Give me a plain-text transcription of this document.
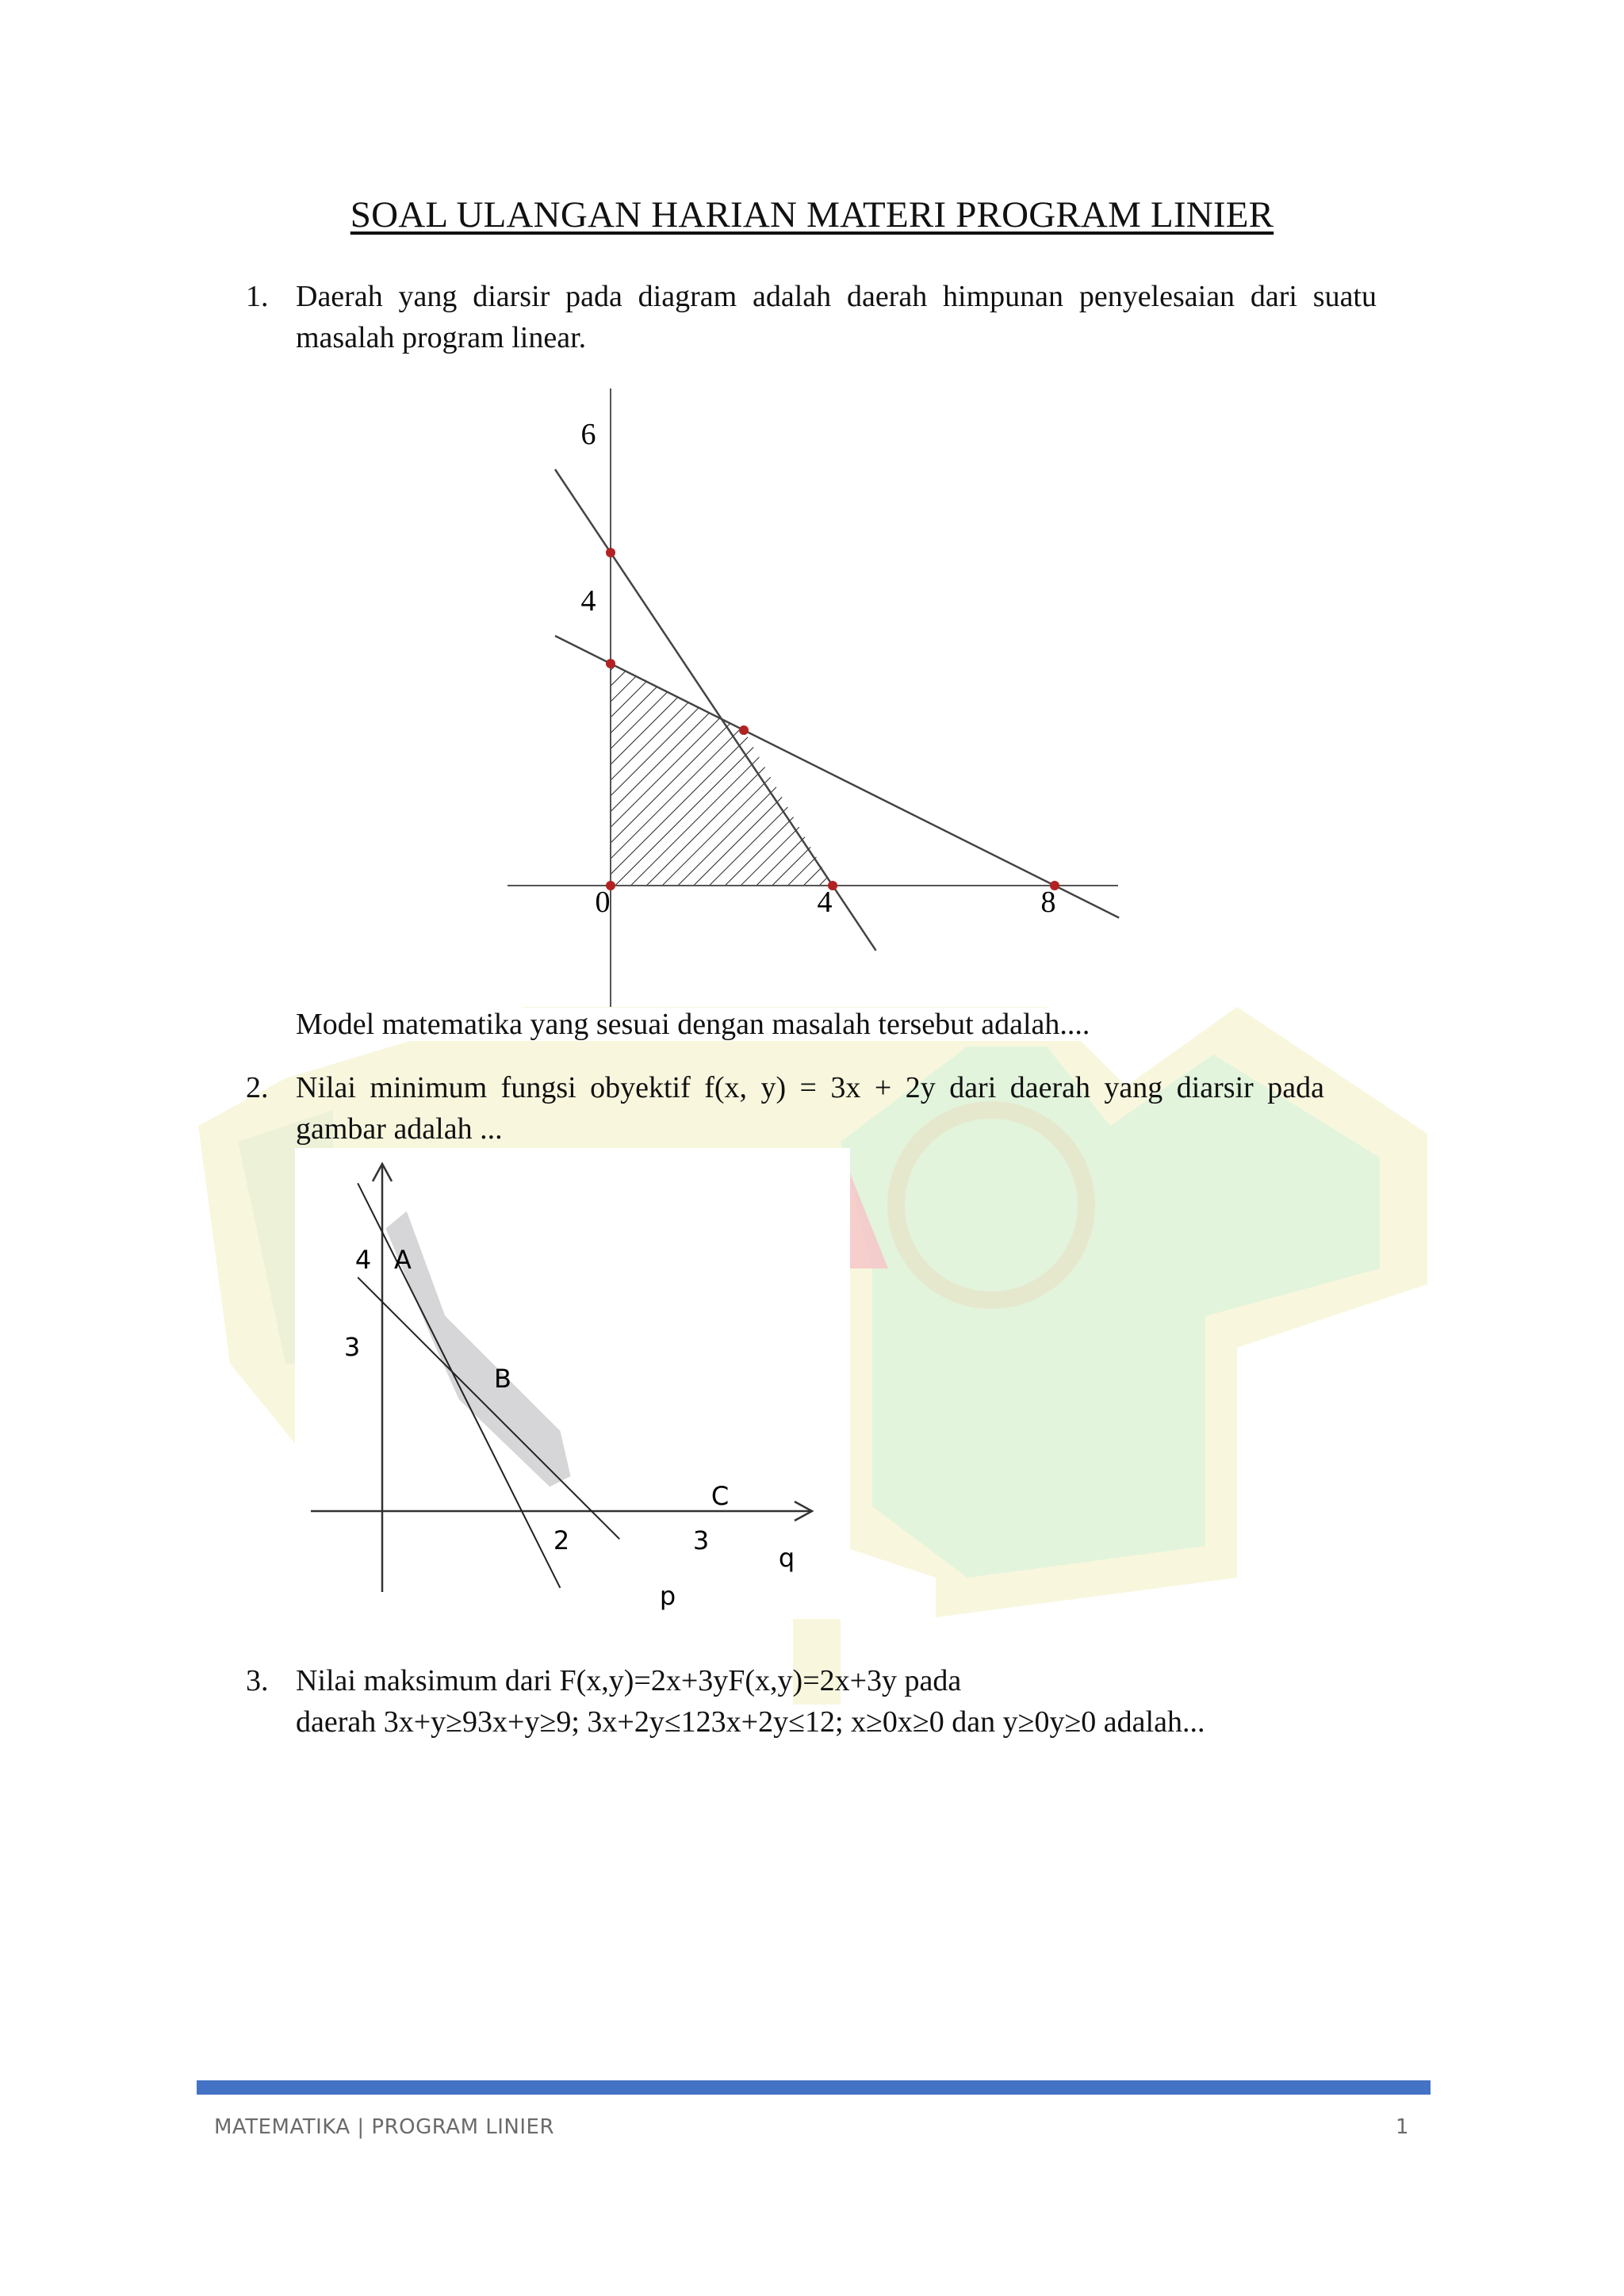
SOAL ULANGAN HARIAN MATERI PROGRAM LINIER
1. Daerah yang diarsir pada diagram adalah daerah himpunan penyelesaian dari suatu
masalah program linear.
6
4
0	4	8
Model matematika yang sesuai dengan masalah tersebut adalah....
2. Nilai minimum fungsi obyektif f(x, y) = 3x + 2y dari daerah yang diarsir pada
gambar adalah ...
4 A
3
B
C
2	3
q
p
3. Nilai maksimum dari F(x,y)=2x+3yF(x,y)=2x+3y pada
daerah 3x+y≥93x+y≥9; 3x+2y≤123x+2y≤12; x≥0x≥0 dan y≥0y≥0 adalah...
MATEMATIKA | PROGRAM LINIER	1
